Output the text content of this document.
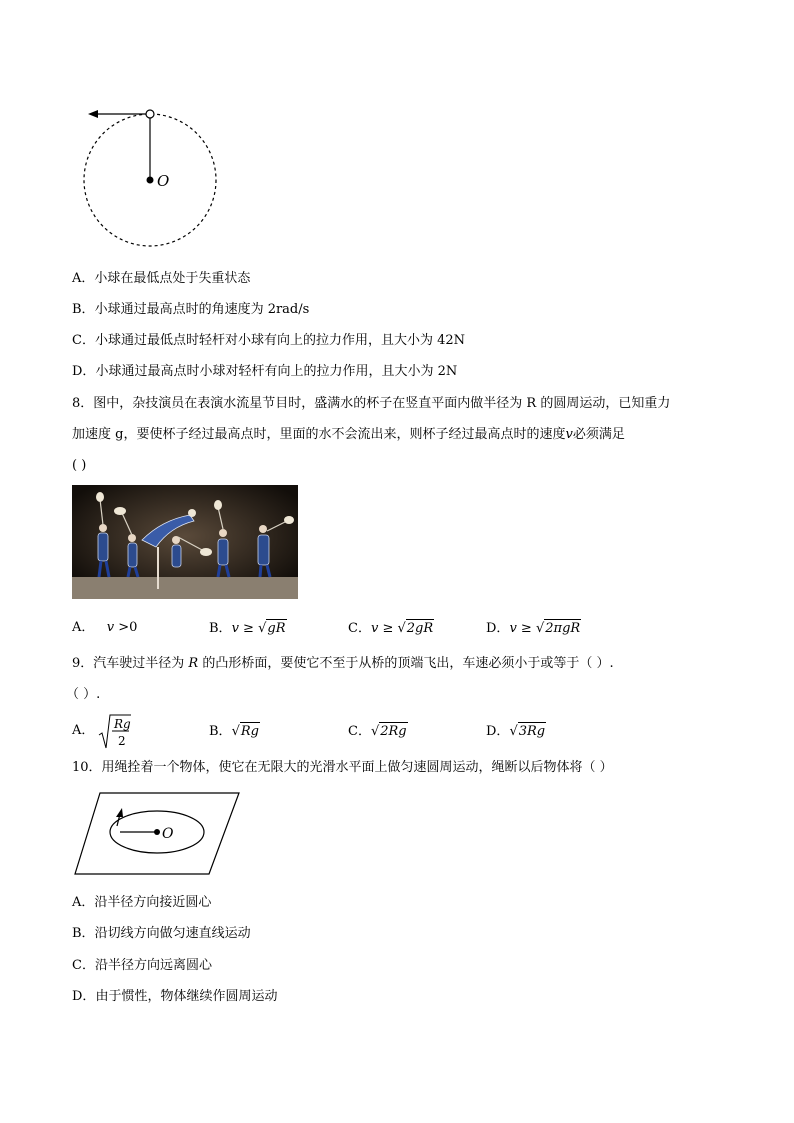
O
A．小球在最低点处于失重状态
B．小球通过最高点时的角速度为 2rad/s
C．小球通过最低点时轻杆对小球有向上的拉力作用，且大小为 42N
D．小球通过最高点时小球对轻杆有向上的拉力作用，且大小为 2N
8．图中，杂技演员在表演水流星节目时，盛满水的杯子在竖直平面内做半径为 R 的圆周运动，已知重力
加速度 g，要使杯子经过最高点时，里面的水不会流出来，则杯子经过最高点时的速度v必须满足
( )
A． v >0	B．v ≥ √gR	C．v ≥ √2gR	D．v ≥ √2πgR
9．汽车驶过半径为 R 的凸形桥面，要使它不至于从桥的顶端飞出，车速必须小于或等于（ ）.
（ ）.
A． Rg
2
B．√Rg	C．√2Rg	D．√3Rg
10．用绳拴着一个物体，使它在无限大的光滑水平面上做匀速圆周运动，绳断以后物体将（ ）
O
A．沿半径方向接近圆心
B．沿切线方向做匀速直线运动
C．沿半径方向远离圆心
D．由于惯性，物体继续作圆周运动
